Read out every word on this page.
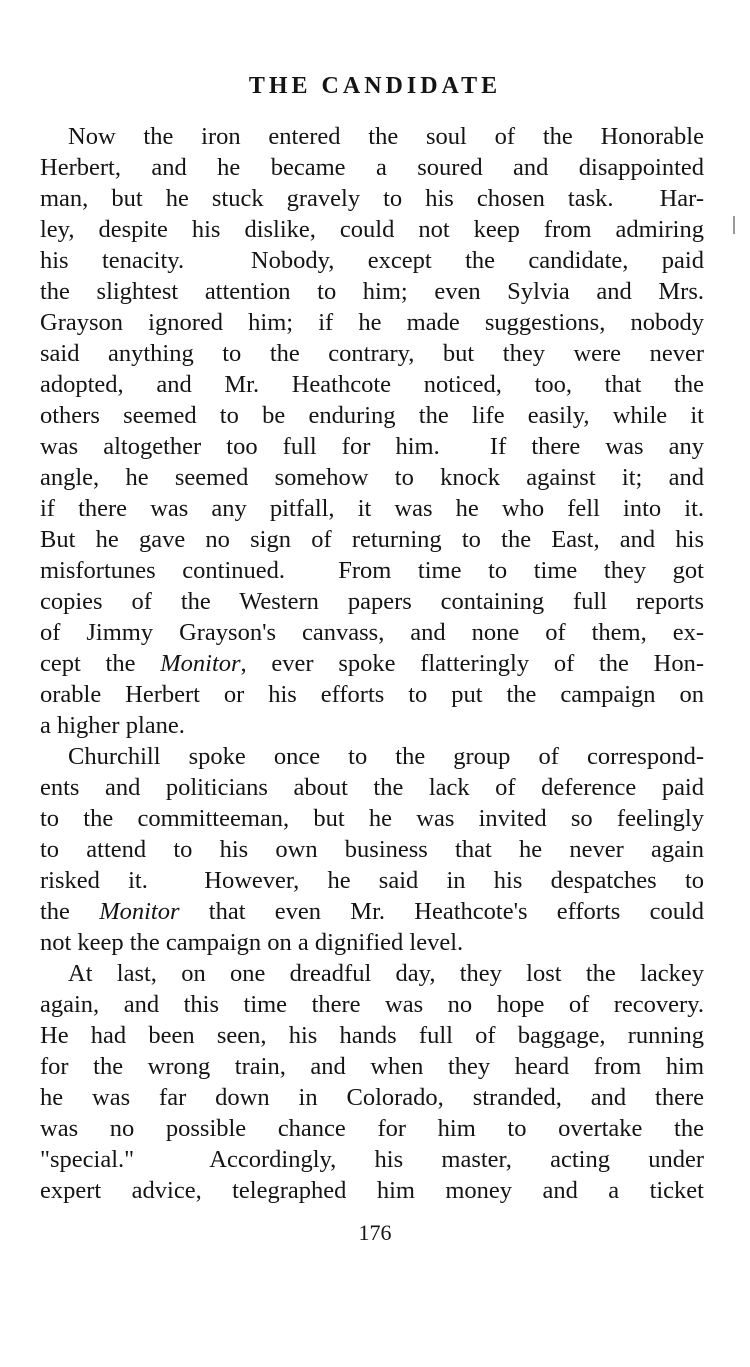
THE CANDIDATE
Now the iron entered the soul of the Honorable
Herbert, and he became a soured and disappointed
man, but he stuck gravely to his chosen task.  Har-
ley, despite his dislike, could not keep from admiring
his tenacity.  Nobody, except the candidate, paid
the slightest attention to him; even Sylvia and Mrs.
Grayson ignored him; if he made suggestions, nobody
said anything to the contrary, but they were never
adopted, and Mr. Heathcote noticed, too, that the
others seemed to be enduring the life easily, while it
was altogether too full for him.  If there was any
angle, he seemed somehow to knock against it; and
if there was any pitfall, it was he who fell into it.
But he gave no sign of returning to the East, and his
misfortunes continued.  From time to time they got
copies of the Western papers containing full reports
of Jimmy Grayson's canvass, and none of them, ex-
cept the Monitor, ever spoke flatteringly of the Hon-
orable Herbert or his efforts to put the campaign on
a higher plane.
Churchill spoke once to the group of correspond-
ents and politicians about the lack of deference paid
to the committeeman, but he was invited so feelingly
to attend to his own business that he never again
risked it.  However, he said in his despatches to
the Monitor that even Mr. Heathcote's efforts could
not keep the campaign on a dignified level.
At last, on one dreadful day, they lost the lackey
again, and this time there was no hope of recovery.
He had been seen, his hands full of baggage, running
for the wrong train, and when they heard from him
he was far down in Colorado, stranded, and there
was no possible chance for him to overtake the
"special."  Accordingly, his master, acting under
expert advice, telegraphed him money and a ticket
176
